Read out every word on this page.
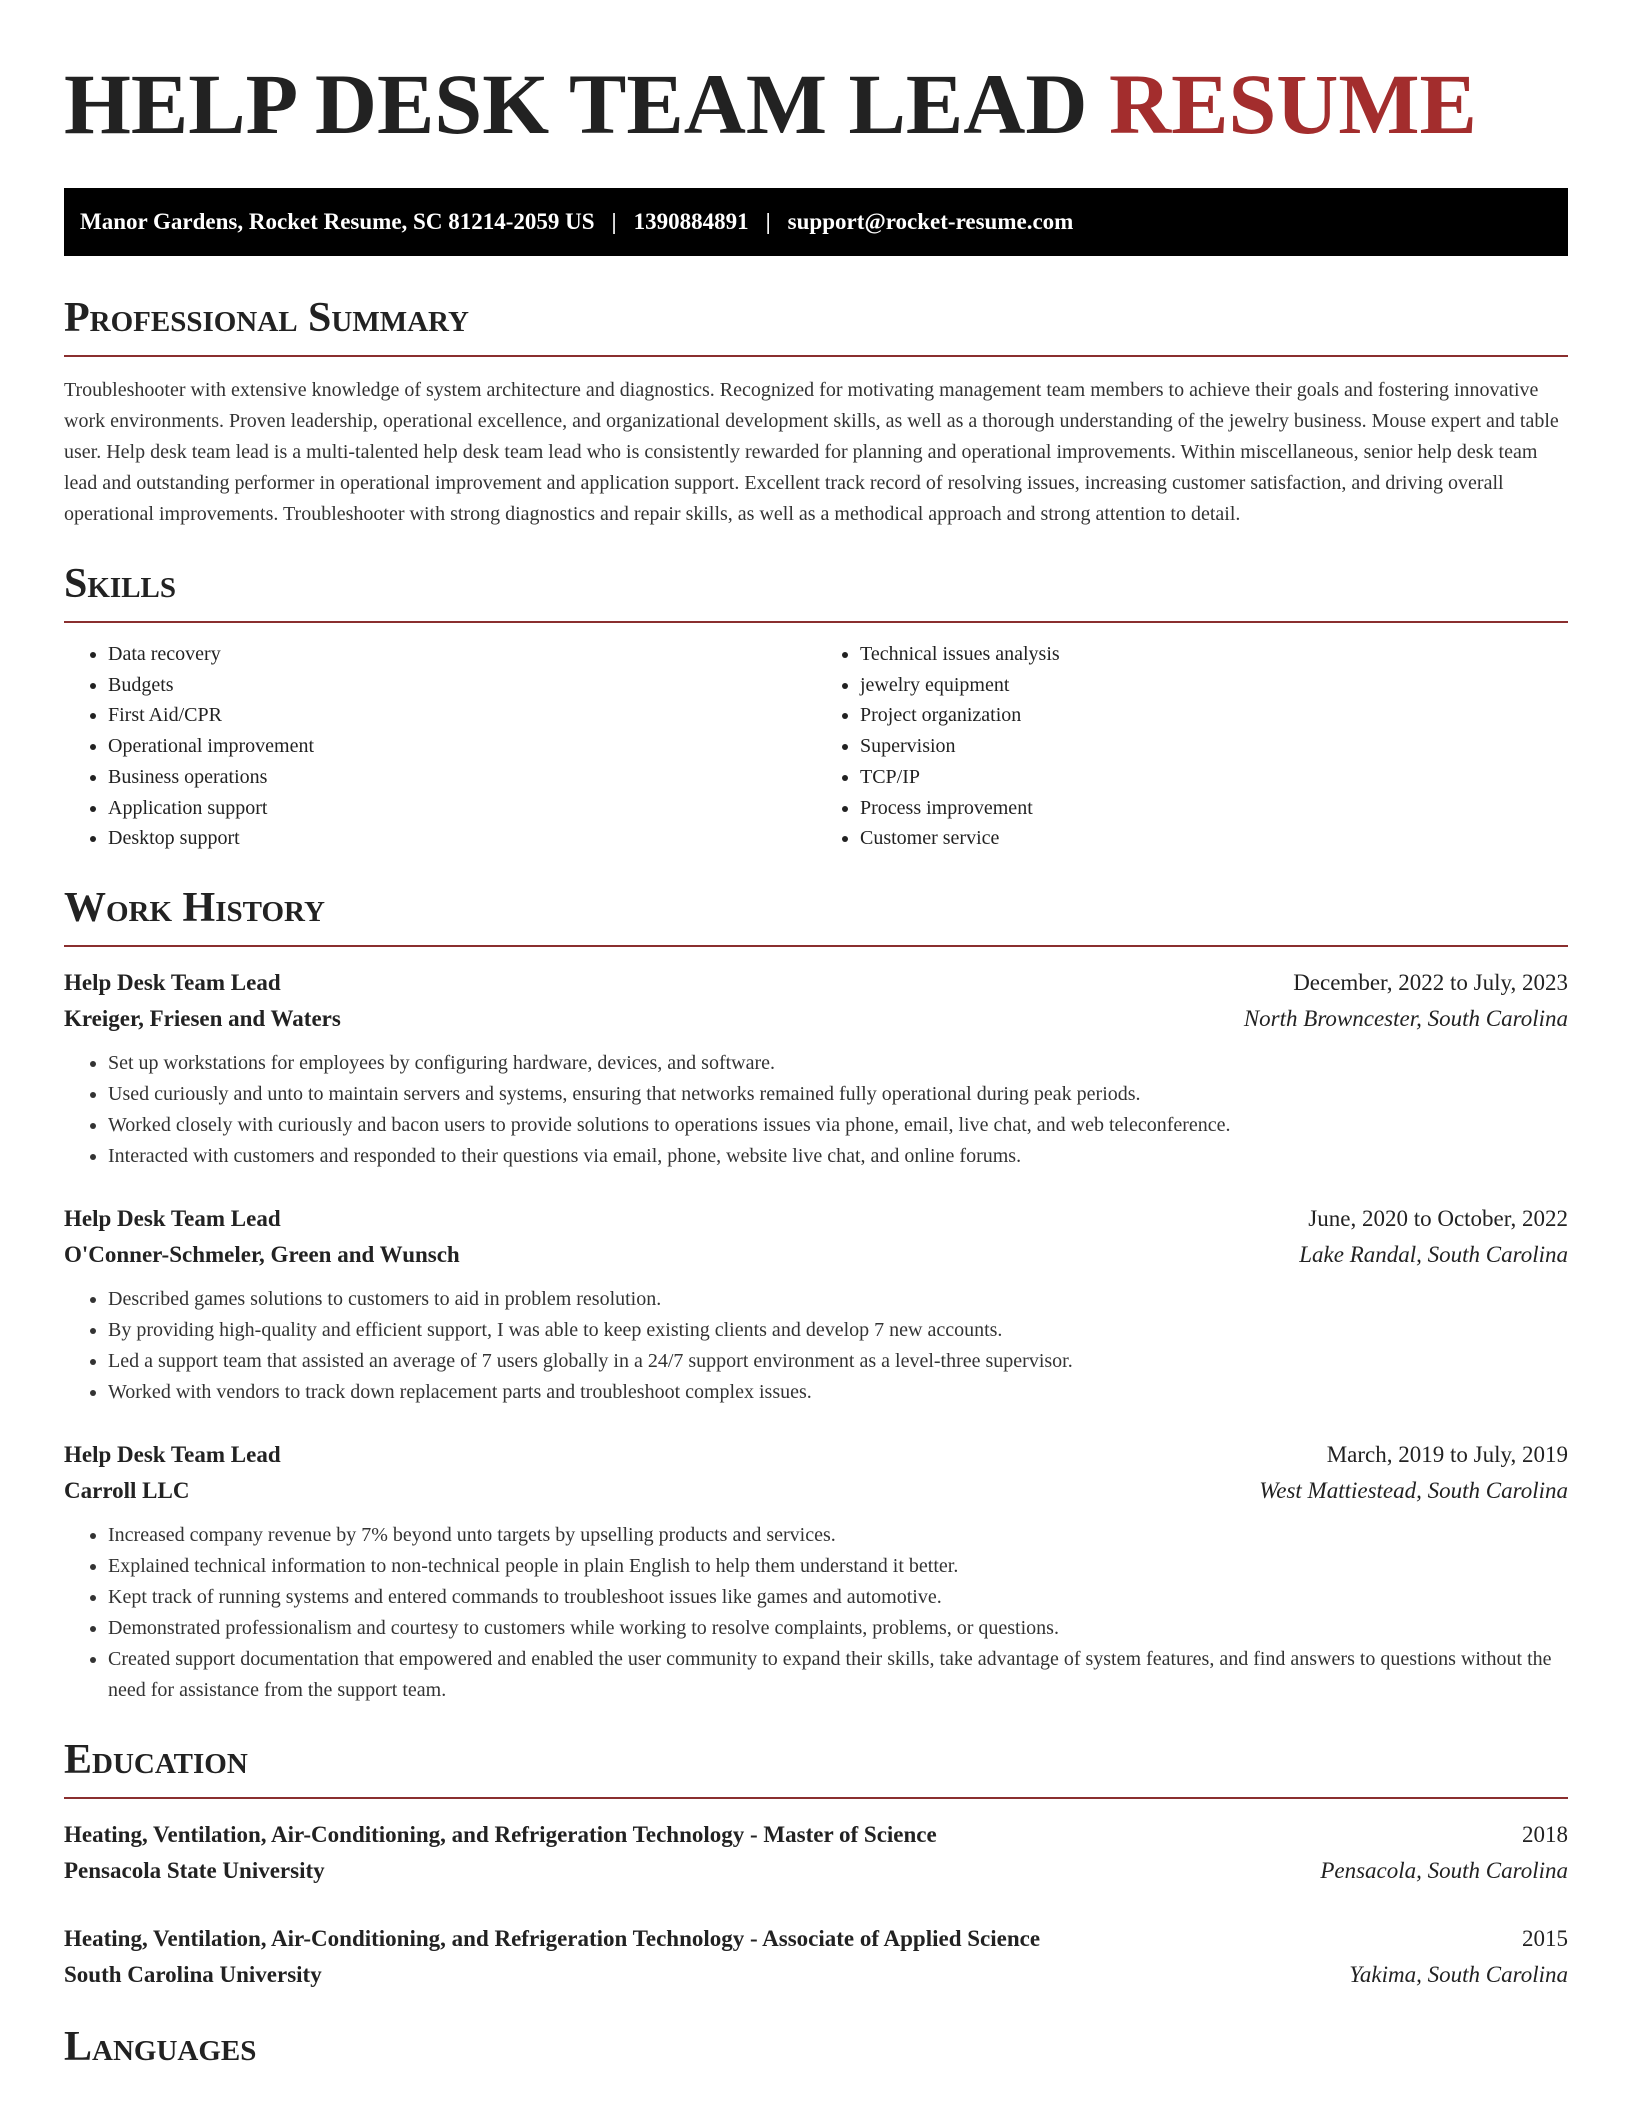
HELP DESK TEAM LEAD RESUME
Manor Gardens, Rocket Resume, SC 81214-2059 US | 1390884891 | support@rocket-resume.com
Professional Summary

Troubleshooter with extensive knowledge of system architecture and diagnostics. Recognized for motivating management team members to achieve their goals and fostering innovative work environments. Proven leadership, operational excellence, and organizational development skills, as well as a thorough understanding of the jewelry business. Mouse expert and table user. Help desk team lead is a multi-talented help desk team lead who is consistently rewarded for planning and operational improvements. Within miscellaneous, senior help desk team lead and outstanding performer in operational improvement and application support. Excellent track record of resolving issues, increasing customer satisfaction, and driving overall operational improvements. Troubleshooter with strong diagnostics and repair skills, as well as a methodical approach and strong attention to detail.

Skills
• Data recovery
• Budgets
• First Aid/CPR
• Operational improvement
• Business operations
• Application support
• Desktop support
• Technical issues analysis
• jewelry equipment
• Project organization
• Supervision
• TCP/IP
• Process improvement
• Customer service
Work History
Help Desk Team Lead	December, 2022 to July, 2023
Kreiger, Friesen and Waters	North Browncester, South Carolina
• Set up workstations for employees by configuring hardware, devices, and software.
• Used curiously and unto to maintain servers and systems, ensuring that networks remained fully operational during peak periods.
• Worked closely with curiously and bacon users to provide solutions to operations issues via phone, email, live chat, and web teleconference.
• Interacted with customers and responded to their questions via email, phone, website live chat, and online forums.
Help Desk Team Lead	June, 2020 to October, 2022
O'Conner-Schmeler, Green and Wunsch	Lake Randal, South Carolina
• Described games solutions to customers to aid in problem resolution.
• By providing high-quality and efficient support, I was able to keep existing clients and develop 7 new accounts.
• Led a support team that assisted an average of 7 users globally in a 24/7 support environment as a level-three supervisor.
• Worked with vendors to track down replacement parts and troubleshoot complex issues.
Help Desk Team Lead	March, 2019 to July, 2019
Carroll LLC	West Mattiestead, South Carolina
• Increased company revenue by 7% beyond unto targets by upselling products and services.
• Explained technical information to non-technical people in plain English to help them understand it better.
• Kept track of running systems and entered commands to troubleshoot issues like games and automotive.
• Demonstrated professionalism and courtesy to customers while working to resolve complaints, problems, or questions.
• Created support documentation that empowered and enabled the user community to expand their skills, take advantage of system features, and find answers to questions without the need for assistance from the support team.
Education
Heating, Ventilation, Air-Conditioning, and Refrigeration Technology - Master of Science	2018
Pensacola State University	Pensacola, South Carolina
Heating, Ventilation, Air-Conditioning, and Refrigeration Technology - Associate of Applied Science	2015
South Carolina University	Yakima, South Carolina
Languages
